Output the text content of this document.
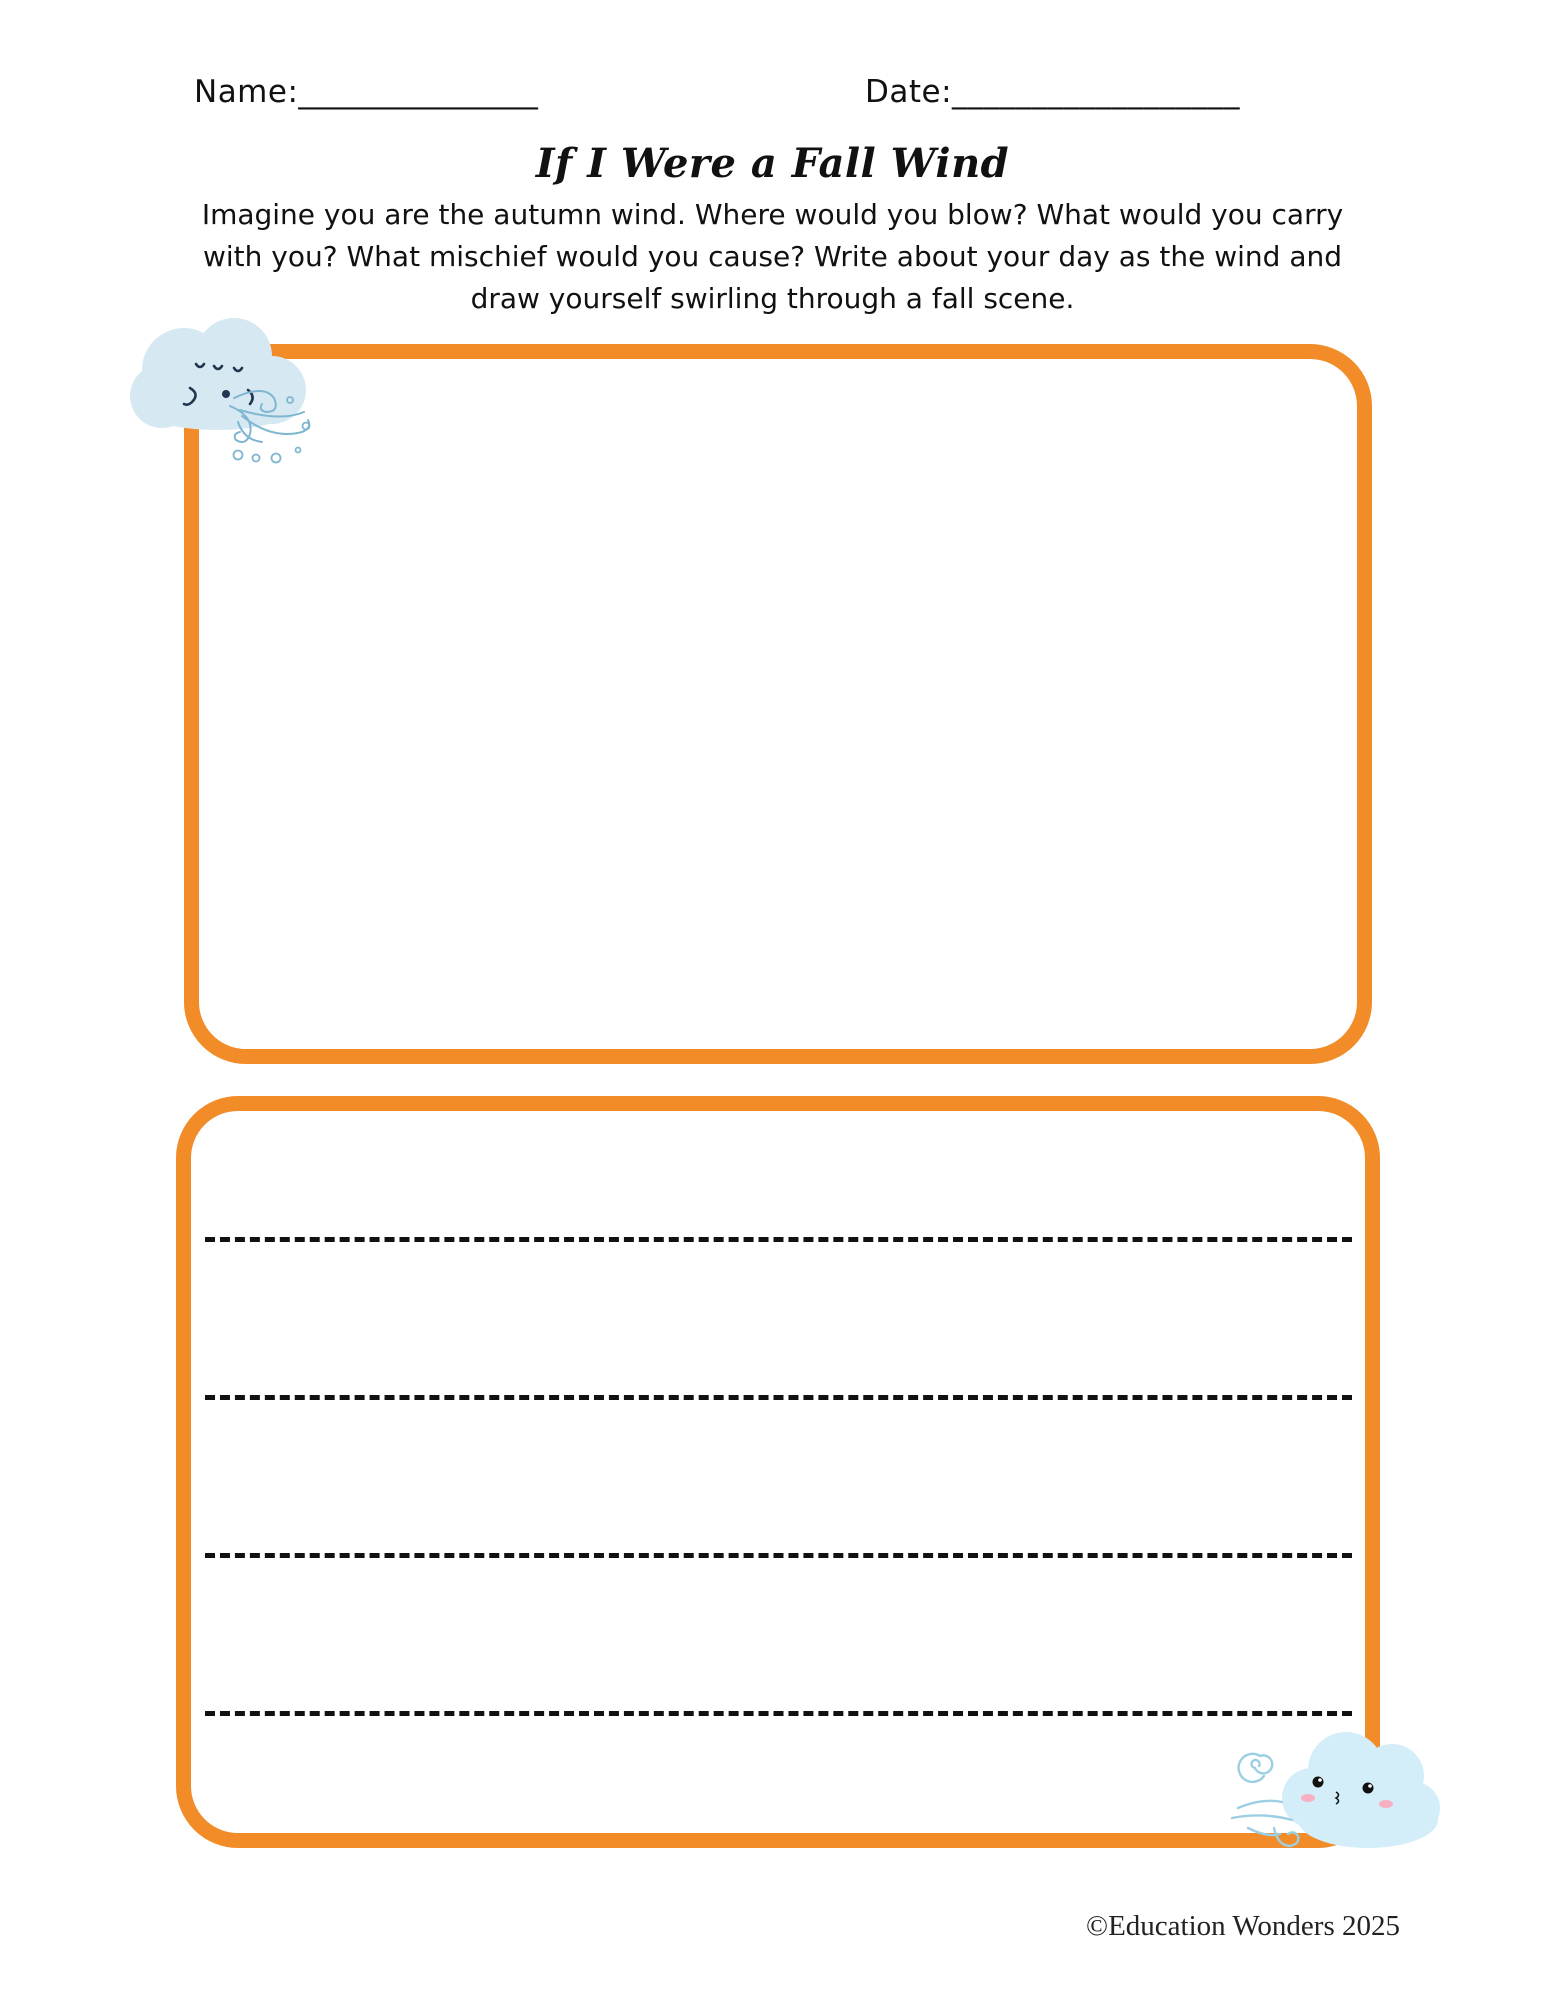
Name:_______________	Date:__________________
If I Were a Fall Wind
Imagine you are the autumn wind. Where would you blow? What would you carry with you? What mischief would you cause? Write about your day as the wind and draw yourself swirling through a fall scene.
©Education Wonders 2025
